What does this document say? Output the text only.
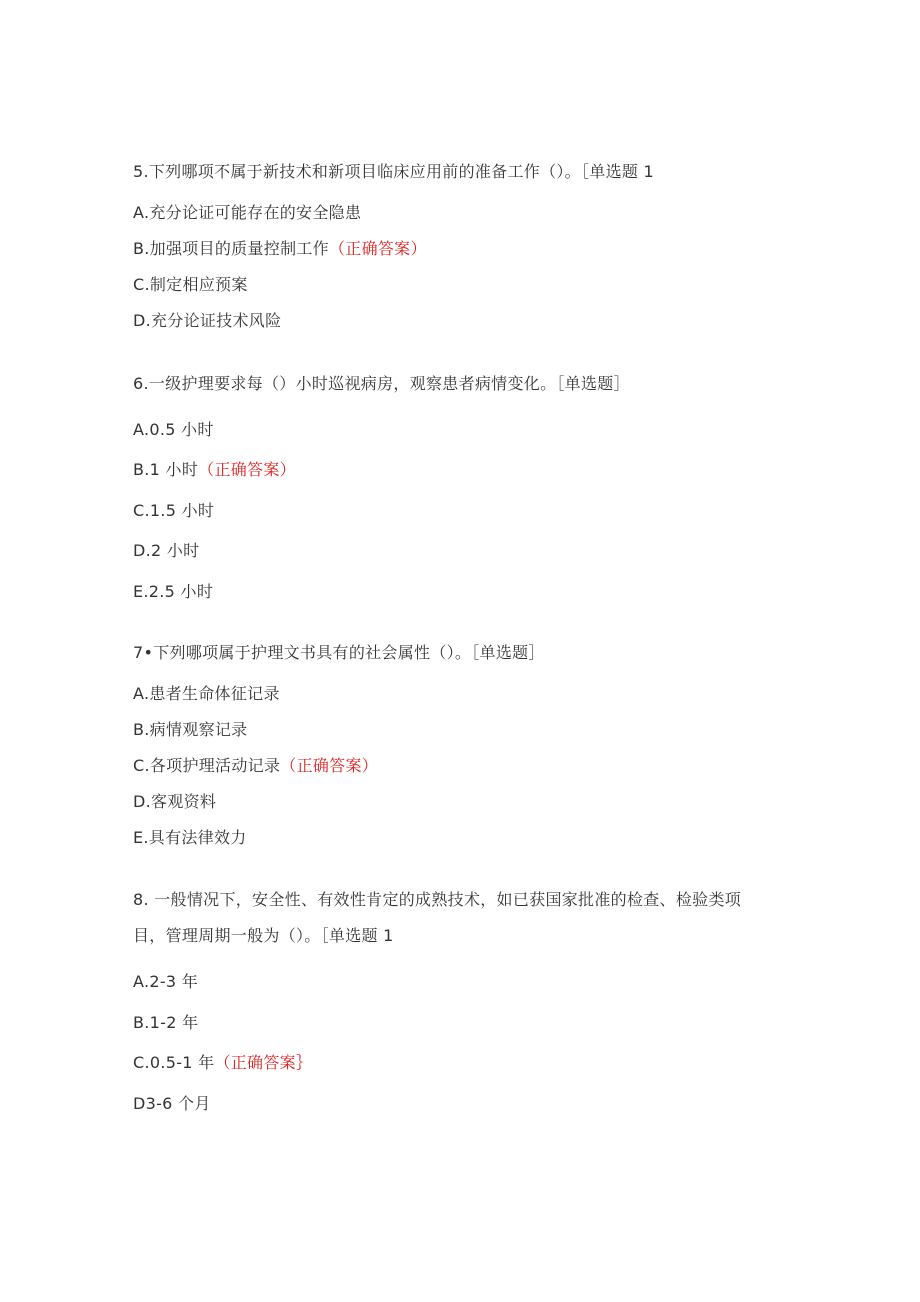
5.下列哪项不属于新技术和新项目临床应用前的准备工作（）。［单选题 1
A.充分论证可能存在的安全隐患
B.加强项目的质量控制工作（正确答案）
C.制定相应预案
D.充分论证技术风险
6.一级护理要求每（）小时巡视病房，观察患者病情变化。［单选题］
A.0.5 小时
B.1 小时（正确答案）
C.1.5 小时
D.2 小时
E.2.5 小时
7•下列哪项属于护理文书具有的社会属性（）。［单选题］
A.患者生命体征记录
B.病情观察记录
C.各项护理活动记录（正确答案）
D.客观资料
E.具有法律效力
8. 一般情况下，安全性、有效性肯定的成熟技术，如已获国家批准的检查、检验类项
目，管理周期一般为（）。［单选题 1
A.2-3 年
B.1-2 年
C.0.5-1 年（正确答案｝
D3-6 个月
